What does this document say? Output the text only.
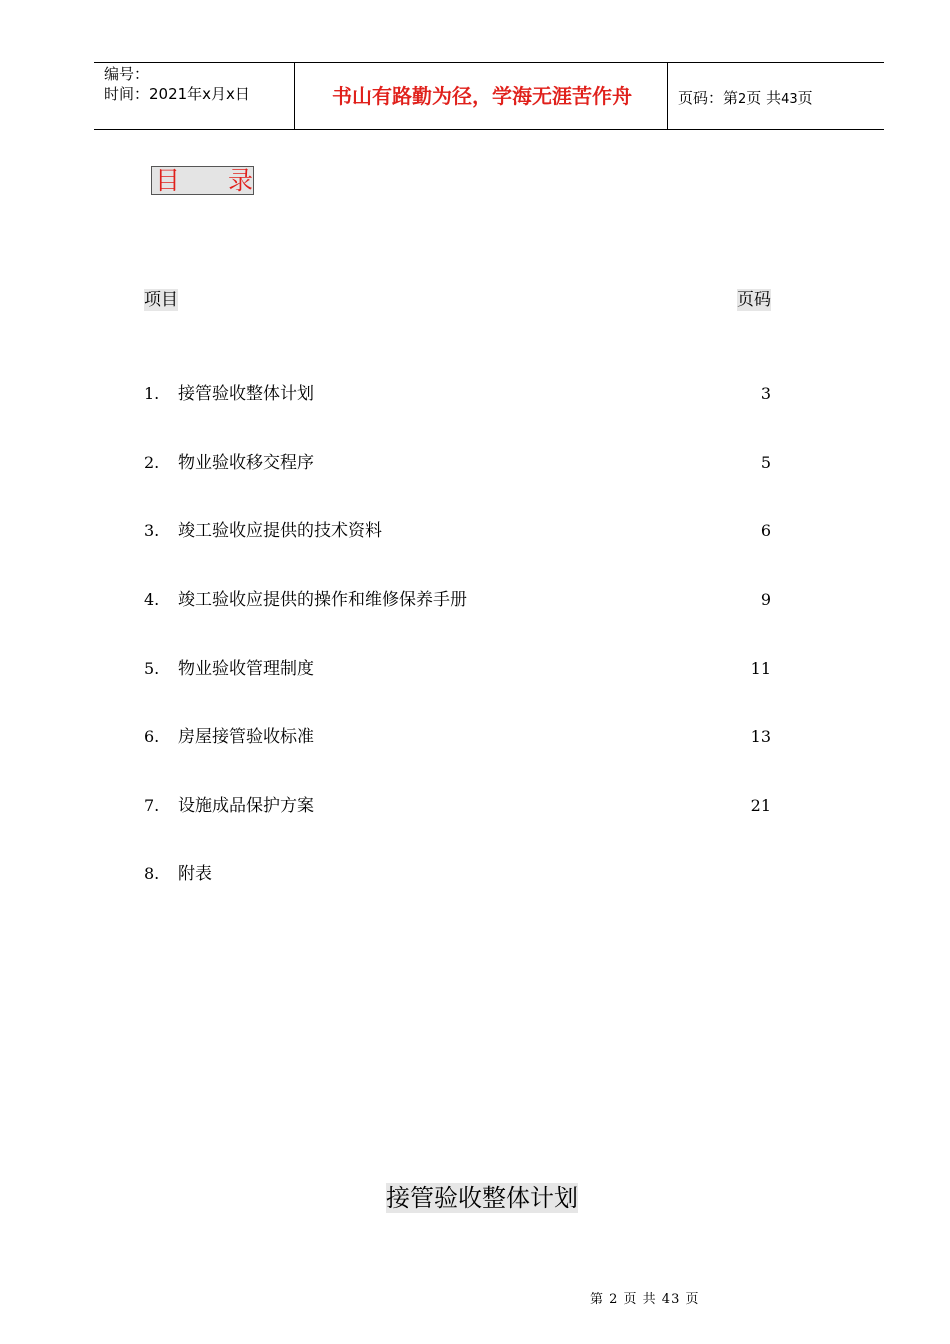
编号：
时间：2021年x月x日	书山有路勤为径，学海无涯苦作舟	页码：第2页 共43页
目 录
项目	页码
1. 接管验收整体计划	3
2. 物业验收移交程序	5
3. 竣工验收应提供的技术资料	6
4. 竣工验收应提供的操作和维修保养手册	9
5. 物业验收管理制度	11
6. 房屋接管验收标准	13
7. 设施成品保护方案	21
8. 附表
接管验收整体计划
第 2 页 共 43 页
